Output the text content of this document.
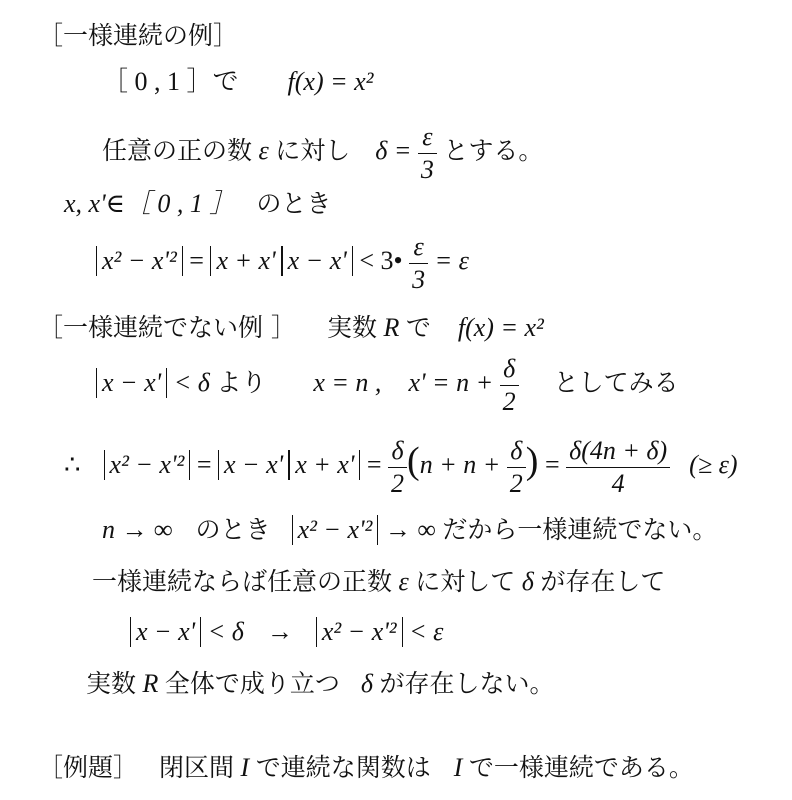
［一様連続の例］
［ 0 , 1 ］で f(x) = x²
任意の正の数 ε に対し $\delta = \frac{\varepsilon}{3}$ とする。
x, x'∈［ 0 , 1 ］ のとき
x² − x'² = x + x' x − x' < 3• $\frac{\varepsilon}{3} = \varepsilon$
［一様連続でない例 ］ 実数 R で f(x) = x²
x − x' < δ より x = n , $x' = n + \frac{\delta}{2}$ としてみる
∴ x² − x'² = x − x' $x + x' = \frac{\delta}{2} (n + n + \frac{\delta}{2}$ ) = $\frac{\delta(4n + \delta)}{4}$ (≥ ε)
n → ∞ のとき x² − x'² → ∞ だから一様連続でない。
一様連続ならば任意の正数 ε に対して δ が存在して
x − x' < δ → x² − x'² < ε
実数 R 全体で成り立つ δ が存在しない。
［例題］ 閉区間 I で連続な関数は I で一様連続である。
